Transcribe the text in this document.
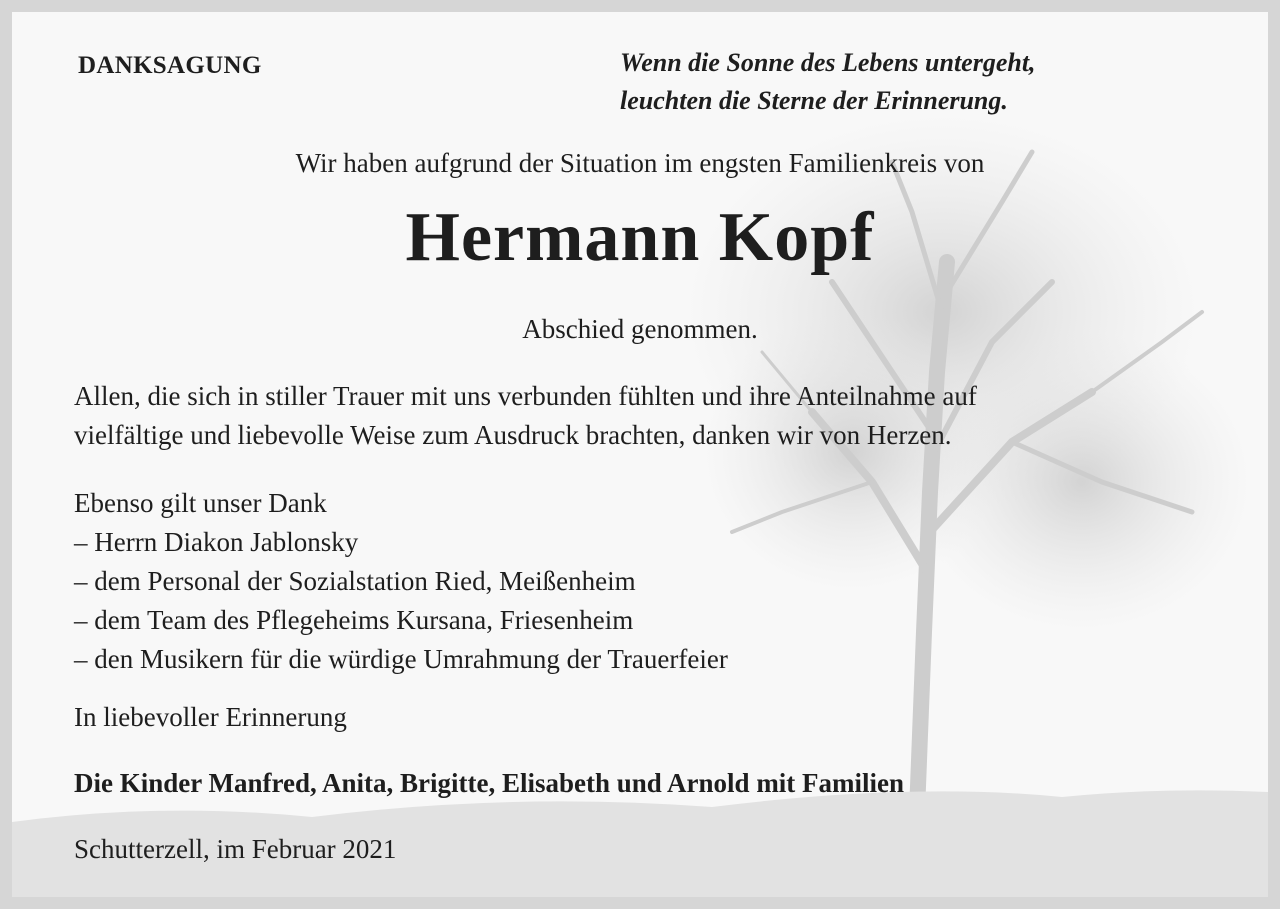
DANKSAGUNG	Wenn die Sonne des Lebens untergeht,
leuchten die Sterne der Erinnerung.

Wir haben aufgrund der Situation im engsten Familienkreis von

Hermann Kopf

Abschied genommen.

Allen, die sich in stiller Trauer mit uns verbunden fühlten und ihre Anteilnahme auf
vielfältige und liebevolle Weise zum Ausdruck brachten, danken wir von Herzen.
Ebenso gilt unser Dank
– Herrn Diakon Jablonsky
– dem Personal der Sozialstation Ried, Meißenheim
– dem Team des Pflegeheims Kursana, Friesenheim
– den Musikern für die würdige Umrahmung der Trauerfeier

In liebevoller Erinnerung

Die Kinder Manfred, Anita, Brigitte, Elisabeth und Arnold mit Familien

Schutterzell, im Februar 2021
